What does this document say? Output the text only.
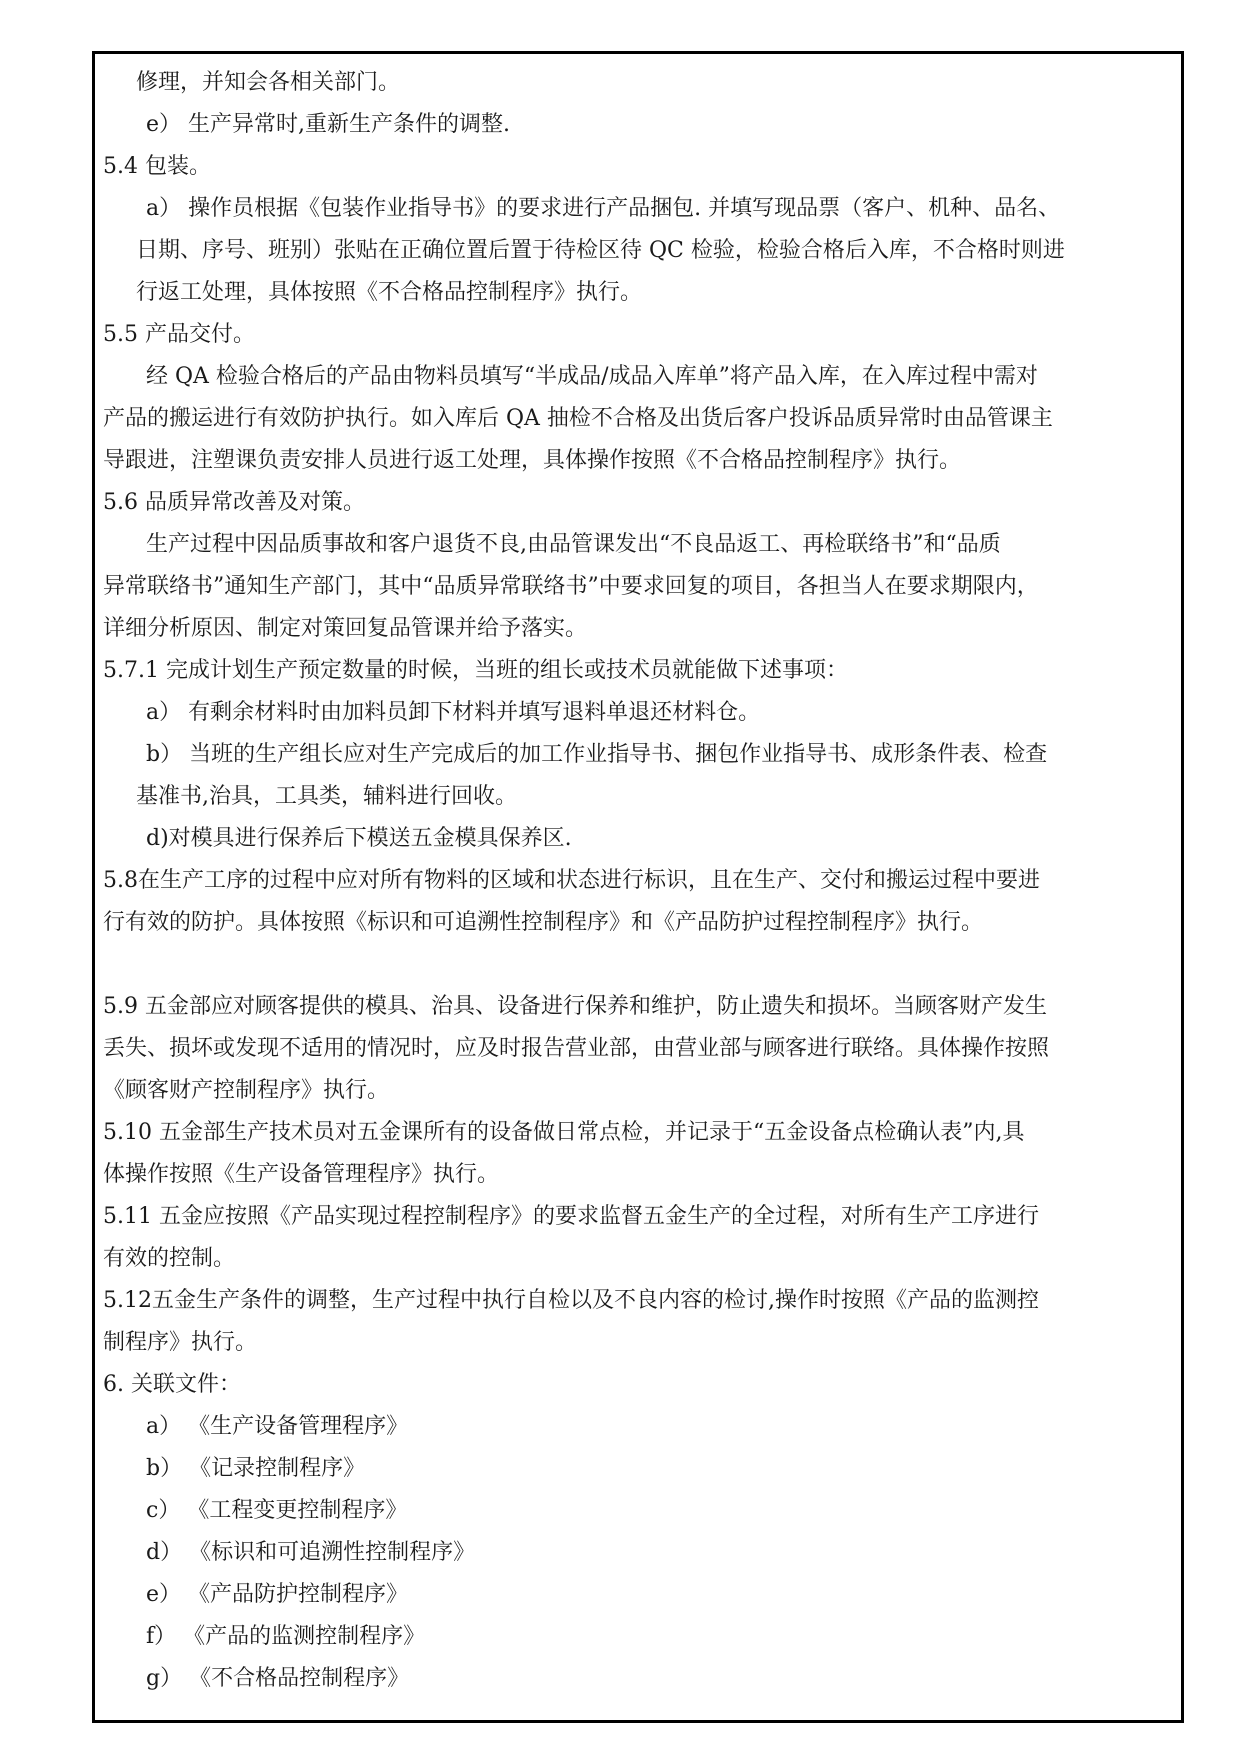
修理，并知会各相关部门。
e） 生产异常时,重新生产条件的调整.
5.4 包装。
a） 操作员根据《包装作业指导书》的要求进行产品捆包. 并填写现品票（客户、机种、品名、
日期、序号、班别）张贴在正确位置后置于待检区待 QC 检验，检验合格后入库，不合格时则进
行返工处理，具体按照《不合格品控制程序》执行。
5.5 产品交付。
经 QA 检验合格后的产品由物料员填写“半成品/成品入库单”将产品入库，在入库过程中需对
产品的搬运进行有效防护执行。如入库后 QA 抽检不合格及出货后客户投诉品质异常时由品管课主
导跟进，注塑课负责安排人员进行返工处理，具体操作按照《不合格品控制程序》执行。
5.6 品质异常改善及对策。
生产过程中因品质事故和客户退货不良,由品管课发出“不良品返工、再检联络书”和“品质
异常联络书”通知生产部门，其中“品质异常联络书”中要求回复的项目，各担当人在要求期限内，
详细分析原因、制定对策回复品管课并给予落实。
5.7.1 完成计划生产预定数量的时候，当班的组长或技术员就能做下述事项：
a） 有剩余材料时由加料员卸下材料并填写退料单退还材料仓。
b） 当班的生产组长应对生产完成后的加工作业指导书、捆包作业指导书、成形条件表、检查
基准书,治具，工具类，辅料进行回收。
d)对模具进行保养后下模送五金模具保养区.
5.8在生产工序的过程中应对所有物料的区域和状态进行标识，且在生产、交付和搬运过程中要进
行有效的防护。具体按照《标识和可追溯性控制程序》和《产品防护过程控制程序》执行。
5.9 五金部应对顾客提供的模具、治具、设备进行保养和维护，防止遗失和损坏。当顾客财产发生
丢失、损坏或发现不适用的情况时，应及时报告营业部，由营业部与顾客进行联络。具体操作按照
《顾客财产控制程序》执行。
5.10 五金部生产技术员对五金课所有的设备做日常点检，并记录于“五金设备点检确认表”内,具
体操作按照《生产设备管理程序》执行。
5.11 五金应按照《产品实现过程控制程序》的要求监督五金生产的全过程，对所有生产工序进行
有效的控制。
5.12五金生产条件的调整，生产过程中执行自检以及不良内容的检讨,操作时按照《产品的监测控
制程序》执行。
6. 关联文件：
a） 《生产设备管理程序》
b） 《记录控制程序》
c） 《工程变更控制程序》
d） 《标识和可追溯性控制程序》
e） 《产品防护控制程序》
f） 《产品的监测控制程序》
g） 《不合格品控制程序》
